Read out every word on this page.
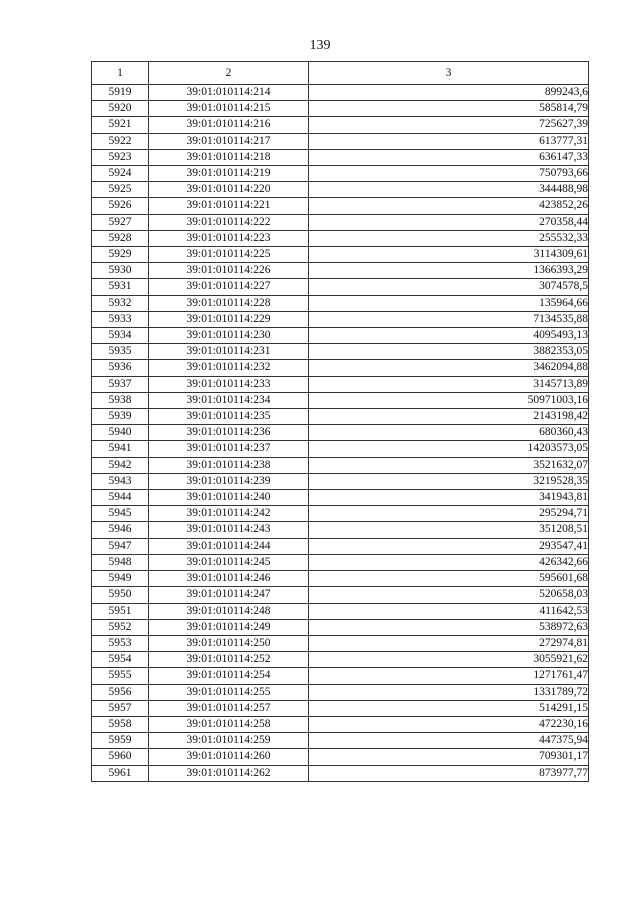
139
1	2	3
5919	39:01:010114:214	899243,6
5920	39:01:010114:215	585814,79
5921	39:01:010114:216	725627,39
5922	39:01:010114:217	613777,31
5923	39:01:010114:218	636147,33
5924	39:01:010114:219	750793,66
5925	39:01:010114:220	344488,98
5926	39:01:010114:221	423852,26
5927	39:01:010114:222	270358,44
5928	39:01:010114:223	255532,33
5929	39:01:010114:225	3114309,61
5930	39:01:010114:226	1366393,29
5931	39:01:010114:227	3074578,5
5932	39:01:010114:228	135964,66
5933	39:01:010114:229	7134535,88
5934	39:01:010114:230	4095493,13
5935	39:01:010114:231	3882353,05
5936	39:01:010114:232	3462094,88
5937	39:01:010114:233	3145713,89
5938	39:01:010114:234	50971003,16
5939	39:01:010114:235	2143198,42
5940	39:01:010114:236	680360,43
5941	39:01:010114:237	14203573,05
5942	39:01:010114:238	3521632,07
5943	39:01:010114:239	3219528,35
5944	39:01:010114:240	341943,81
5945	39:01:010114:242	295294,71
5946	39:01:010114:243	351208,51
5947	39:01:010114:244	293547,41
5948	39:01:010114:245	426342,66
5949	39:01:010114:246	595601,68
5950	39:01:010114:247	520658,03
5951	39:01:010114:248	411642,53
5952	39:01:010114:249	538972,63
5953	39:01:010114:250	272974,81
5954	39:01:010114:252	3055921,62
5955	39:01:010114:254	1271761,47
5956	39:01:010114:255	1331789,72
5957	39:01:010114:257	514291,15
5958	39:01:010114:258	472230,16
5959	39:01:010114:259	447375,94
5960	39:01:010114:260	709301,17
5961	39:01:010114:262	873977,77
